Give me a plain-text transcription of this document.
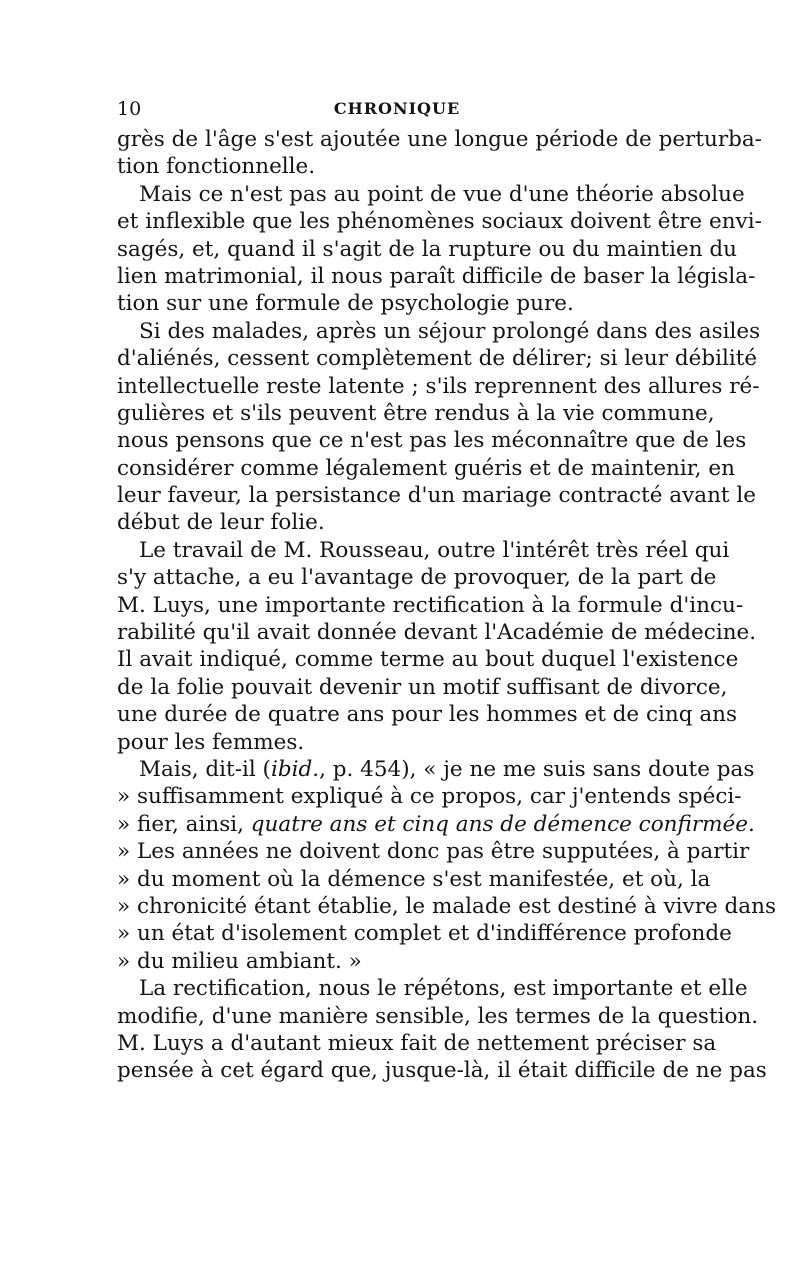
10	CHRONIQUE
grès de l'âge s'est ajoutée une longue période de perturba-
tion fonctionnelle.
Mais ce n'est pas au point de vue d'une théorie absolue
et inflexible que les phénomènes sociaux doivent être envi-
sagés, et, quand il s'agit de la rupture ou du maintien du
lien matrimonial, il nous paraît difficile de baser la législa-
tion sur une formule de psychologie pure.
Si des malades, après un séjour prolongé dans des asiles
d'aliénés, cessent complètement de délirer; si leur débilité
intellectuelle reste latente ; s'ils reprennent des allures ré-
gulières et s'ils peuvent être rendus à la vie commune,
nous pensons que ce n'est pas les méconnaître que de les
considérer comme légalement guéris et de maintenir, en
leur faveur, la persistance d'un mariage contracté avant le
début de leur folie.
Le travail de M. Rousseau, outre l'intérêt très réel qui
s'y attache, a eu l'avantage de provoquer, de la part de
M. Luys, une importante rectification à la formule d'incu-
rabilité qu'il avait donnée devant l'Académie de médecine.
Il avait indiqué, comme terme au bout duquel l'existence
de la folie pouvait devenir un motif suffisant de divorce,
une durée de quatre ans pour les hommes et de cinq ans
pour les femmes.
Mais, dit-il (ibid., p. 454), « je ne me suis sans doute pas
» suffisamment expliqué à ce propos, car j'entends spéci-
» fier, ainsi, quatre ans et cinq ans de démence confirmée.
» Les années ne doivent donc pas être supputées, à partir
» du moment où la démence s'est manifestée, et où, la
» chronicité étant établie, le malade est destiné à vivre dans
» un état d'isolement complet et d'indifférence profonde
» du milieu ambiant. »
La rectification, nous le répétons, est importante et elle
modifie, d'une manière sensible, les termes de la question.
M. Luys a d'autant mieux fait de nettement préciser sa
pensée à cet égard que, jusque-là, il était difficile de ne pas
